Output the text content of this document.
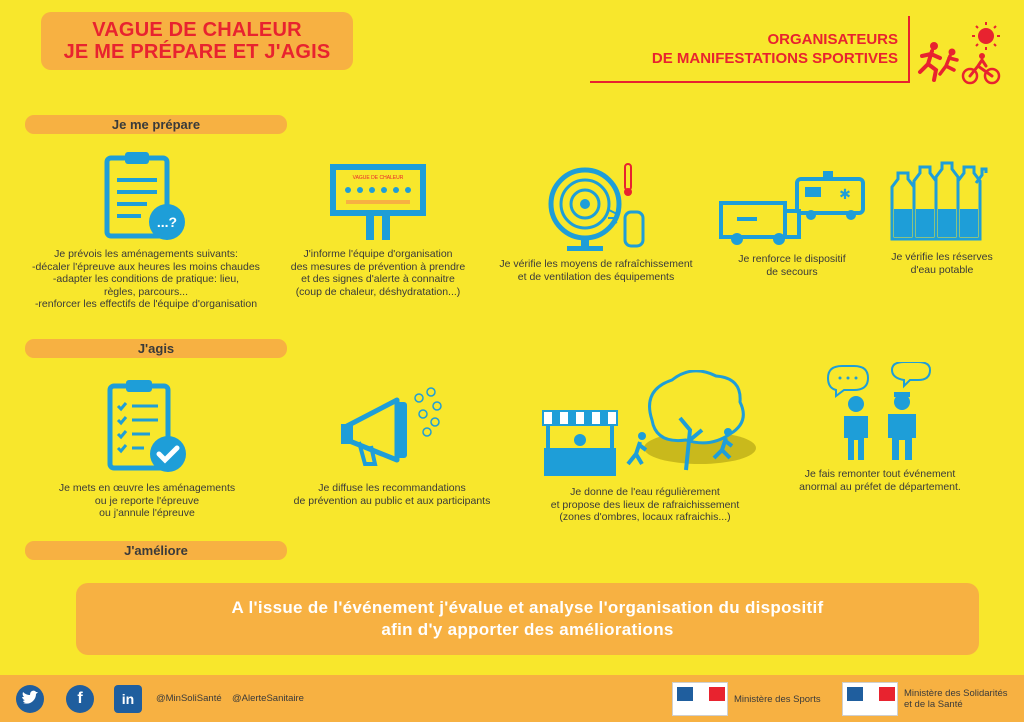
VAGUE DE CHALEUR
JE ME PRÉPARE ET J'AGIS
ORGANISATEURS
DE MANIFESTATIONS SPORTIVES
Je me prépare
...?
Je prévois les aménagements suivants:
-décaler l'épreuve aux heures les moins chaudes
-adapter les conditions de pratique: lieu,
règles, parcours...
-renforcer les effectifs de l'équipe d'organisation
VAGUE DE CHALEUR
J'informe l'équipe d'organisation
des mesures de prévention à prendre
et des signes d'alerte à connaitre
(coup de chaleur, déshydratation...)
Je vérifie les moyens de rafraîchissement
et de ventilation des équipements
✱
Je renforce le dispositif
de secours
Je vérifie les réserves
d'eau potable
J'agis
Je mets en œuvre les aménagements
ou je reporte l'épreuve
ou j'annule l'épreuve
Je diffuse les recommandations
de prévention au public et aux participants
Je donne de l'eau régulièrement
et propose des lieux de rafraichissement
(zones d'ombres, locaux rafraichis...)
Je fais remonter tout événement
anormal au préfet de département.
J'améliore
A l'issue de l'événement j'évalue et analyse l'organisation du dispositif
afin d'y apporter des améliorations
f	in	@MinSoliSanté @AlerteSanitaire	Ministère des Sports	Ministère des Solidarités
et de la Santé
